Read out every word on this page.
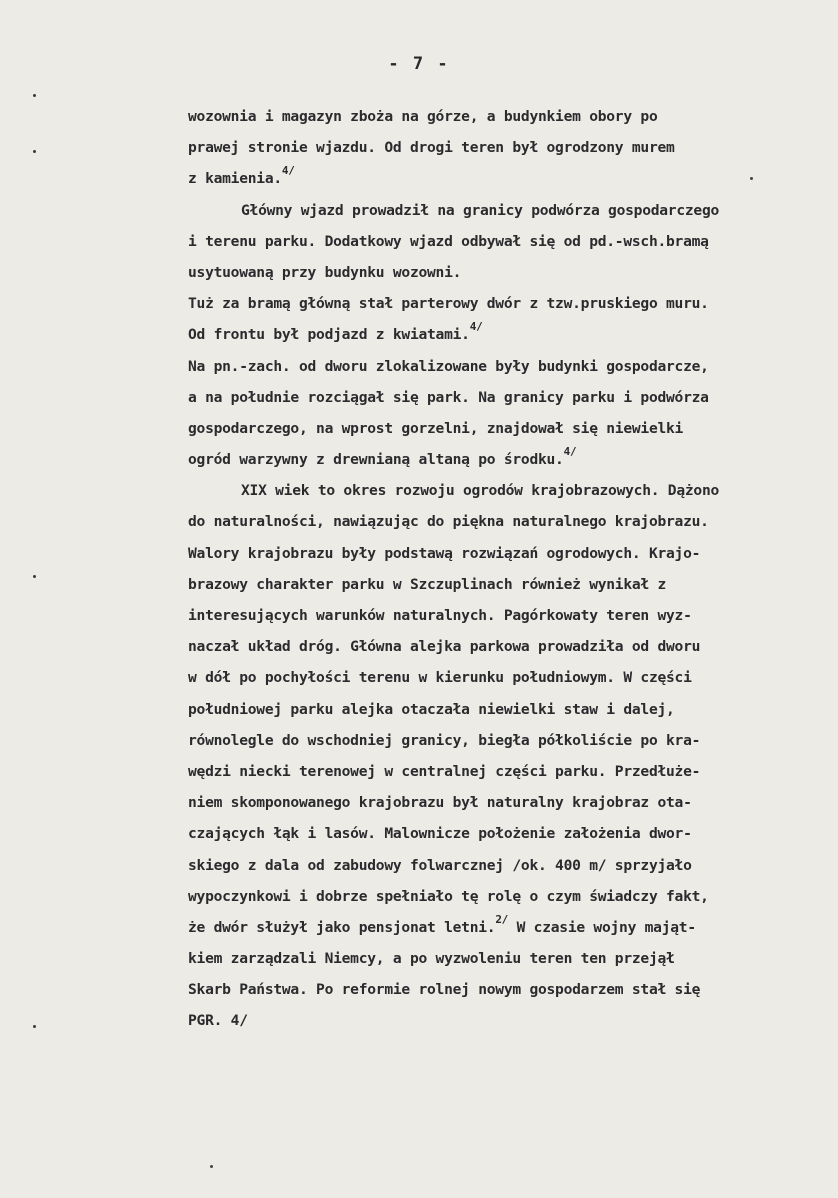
- 7 -
wozownia i magazyn zboża na górze, a budynkiem obory po
prawej stronie wjazdu. Od drogi teren był ogrodzony murem
z kamienia.$^{4/}$
Główny wjazd prowadził na granicy podwórza gospodarczego
i terenu parku. Dodatkowy wjazd odbywał się od pd.-wsch.bramą
usytuowaną przy budynku wozowni.
Tuż za bramą główną stał parterowy dwór z tzw.pruskiego muru.
Od frontu był podjazd z kwiatami.$^{4/}$
Na pn.-zach. od dworu zlokalizowane były budynki gospodarcze,
a na południe rozciągał się park. Na granicy parku i podwórza
gospodarczego, na wprost gorzelni, znajdował się niewielki
ogród warzywny z drewnianą altaną po środku.$^{4/}$
XIX wiek to okres rozwoju ogrodów krajobrazowych. Dążono
do naturalności, nawiązując do piękna naturalnego krajobrazu.
Walory krajobrazu były podstawą rozwiązań ogrodowych. Krajo-
brazowy charakter parku w Szczuplinach również wynikał z
interesujących warunków naturalnych. Pagórkowaty teren wyz-
naczał układ dróg. Główna alejka parkowa prowadziła od dworu
w dół po pochyłości terenu w kierunku południowym. W części
południowej parku alejka otaczała niewielki staw i dalej,
równolegle do wschodniej granicy, biegła półkoliście po kra-
wędzi niecki terenowej w centralnej części parku. Przedłuże-
niem skomponowanego krajobrazu był naturalny krajobraz ota-
czających łąk i lasów. Malownicze położenie założenia dwor-
skiego z dala od zabudowy folwarcznej /ok. 400 m/ sprzyjało
wypoczynkowi i dobrze spełniało tę rolę o czym świadczy fakt,
że dwór służył jako pensjonat letni.$^{2/}$ W czasie wojny mająt-
kiem zarządzali Niemcy, a po wyzwoleniu teren ten przejął
Skarb Państwa. Po reformie rolnej nowym gospodarzem stał się
PGR. 4/
